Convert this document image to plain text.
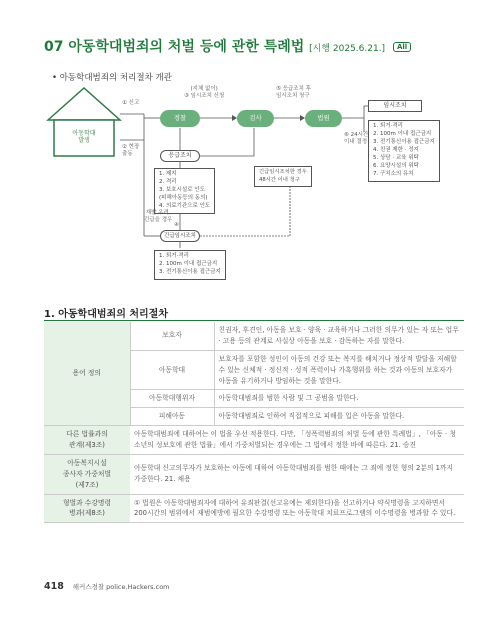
07 아동학대범죄의 처벌 등에 관한 특례법 [시행 2025.6.21.] All
• 아동학대범죄의 처리절차 개관
아동학대
발생
① 신고
② 현장
출동
(지체 없이)
③ 임시조치 신청
⑤ 응급조치 후
임시조치 청구
⑥ 24시간
이내 결정
경찰	검사	법원
임시조치
응급조치
1. 퇴거·격리
2. 100m 이내 접근금지
3. 전기통신이용 접근금지
4. 친권 제한 · 정지
5. 상담 · 교육 위탁
6. 요양시설의 위탁
7. 구치소의 유치
긴급임시조치한 경우
48시간 이내 청구
1. 제지
2. 격리
3. 보호시설로 인도
(피해아동등의 동의)
4. 의료기관으로 인도
재발 우려,
긴급을 경우
④
긴급임시조치
1. 퇴거·격리
2. 100m 이내 접근금지
3. 전기통신이용 접근금지
1. 아동학대범죄의 처리절차
용어 정의	보호자	친권자, 후견인, 아동을 보호 · 양육 · 교육하거나 그러한 의무가 있는 자 또는 업무 · 고용 등의 관계로 사실상 아동을 보호 · 감독하는 자를 말한다.
	아동학대	보호자를 포함한 성인이 아동의 건강 또는 복지를 해치거나 정상적 발달을 저해할 수 있는 신체적 · 정신적 · 성적 폭력이나 가혹행위를 하는 것과 아동의 보호자가 아동을 유기하거나 방임하는 것을 말한다.
	아동학대행위자	아동학대범죄를 범한 사람 및 그 공범을 말한다.
	피해아동	아동학대범죄로 인하여 직접적으로 피해를 입은 아동을 말한다.
다른 법률과의
관계(제3조)	아동학대범죄에 대하여는 이 법을 우선 적용한다. 다만, 「성폭력범죄의 처벌 등에 관한 특례법」, 「아동 · 청소년의 성보호에 관한 법률」에서 가중처벌되는 경우에는 그 법에서 정한 바에 따른다. 21. 승진	
아동복지시설
종사자 가중처벌
(제7조)	아동학대 신고의무자가 보호하는 아동에 대하여 아동학대범죄를 범한 때에는 그 죄에 정한 형의 2분의 1까지 가중한다. 21. 채용	
형벌과 수강명령
병과(제8조)	① 법원은 아동학대범죄자에 대하여 유죄판결(선고유예는 제외한다)을 선고하거나 약식명령을 고지하면서 200시간의 범위에서 재범예방에 필요한 수강명령 또는 아동학대 치료프로그램의 이수명령을 병과할 수 있다.	
418 해커스경찰 police.Hackers.com
